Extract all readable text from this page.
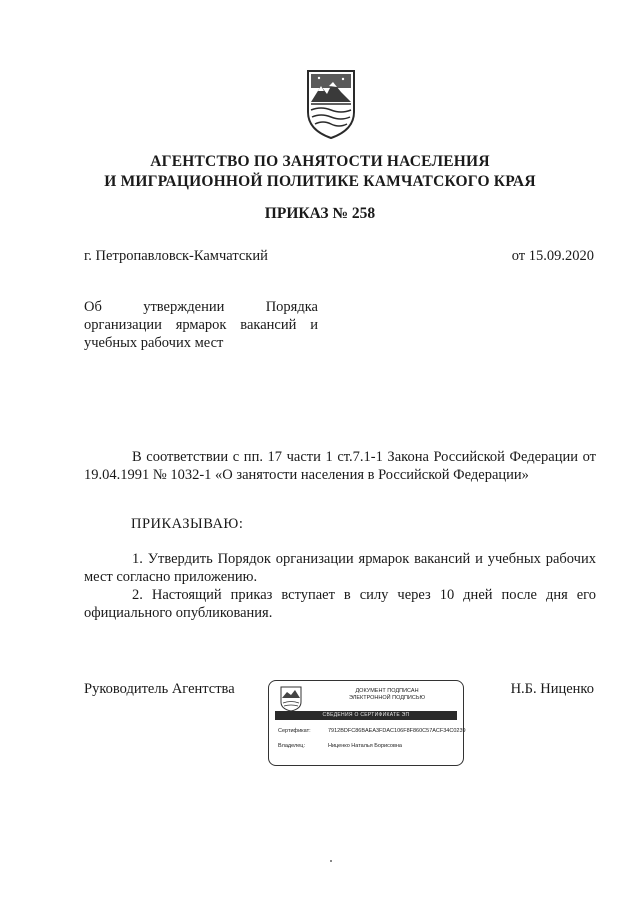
АГЕНТСТВО ПО ЗАНЯТОСТИ НАСЕЛЕНИЯ
И МИГРАЦИОННОЙ ПОЛИТИКЕ КАМЧАТСКОГО КРАЯ
ПРИКАЗ № 258
г. Петропавловск-Камчатский	от 15.09.2020
Об утверждении Порядка
организации ярмарок вакансий и
учебных рабочих мест
В соответствии с пп. 17 части 1 ст.7.1-1 Закона Российской Федерации от 19.04.1991 № 1032-1 «О занятости населения в Российской Федерации»
ПРИКАЗЫВАЮ:
1. Утвердить Порядок организации ярмарок вакансий и учебных рабочих мест согласно приложению.
2. Настоящий приказ вступает в силу через 10 дней после дня его официального опубликования.
Руководитель Агентства	Н.Б. Ниценко
ДОКУМЕНТ ПОДПИСАН
ЭЛЕКТРОННОЙ ПОДПИСЬЮ
СВЕДЕНИЯ О СЕРТИФИКАТЕ ЭП
Сертификат:	7912BDFC86BAEA3FDAC106F8F860C57ACF34C0239
Владелец:	Ниценко Наталья Борисовна
